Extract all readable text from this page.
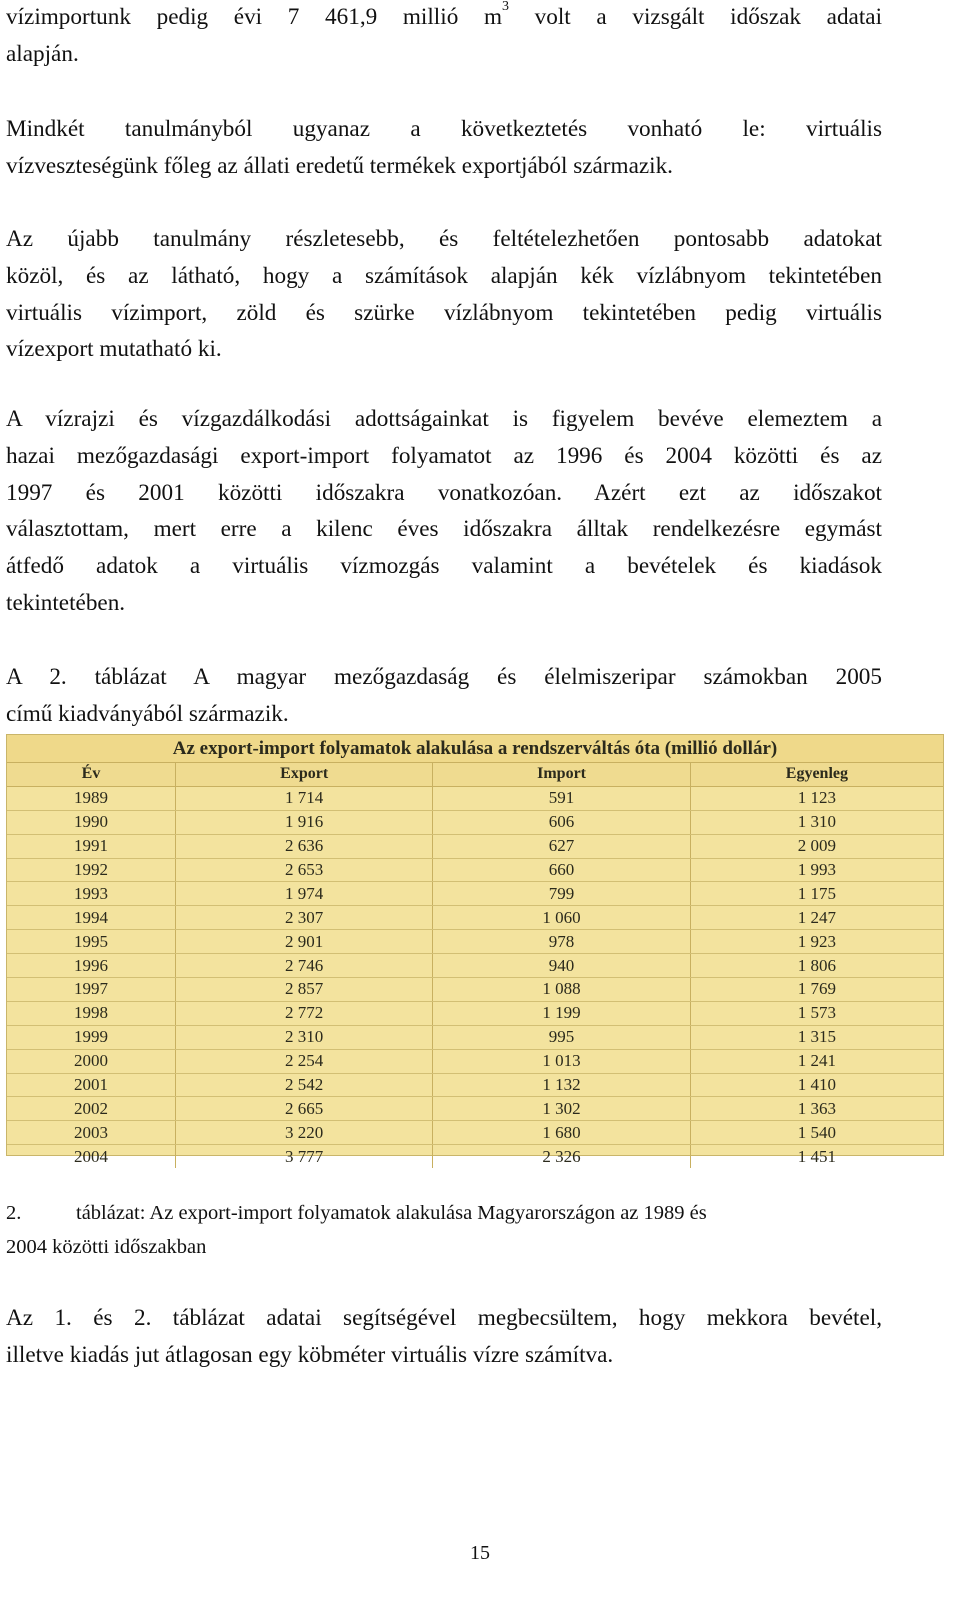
vízimportunk pedig évi 7 461,9 millió $m^3$ volt a vizsgált időszak adatai
alapján.
Mindkét tanulmányból ugyanaz a következtetés vonható le: virtuális
vízveszteségünk főleg az állati eredetű termékek exportjából származik.
Az újabb tanulmány részletesebb, és feltételezhetően pontosabb adatokat
közöl, és az látható, hogy a számítások alapján kék vízlábnyom tekintetében
virtuális vízimport, zöld és szürke vízlábnyom tekintetében pedig virtuális
vízexport mutatható ki.
A vízrajzi és vízgazdálkodási adottságainkat is figyelem bevéve elemeztem a
hazai mezőgazdasági export-import folyamatot az 1996 és 2004 közötti és az
1997 és 2001 közötti időszakra vonatkozóan. Azért ezt az időszakot
választottam, mert erre a kilenc éves időszakra álltak rendelkezésre egymást
átfedő adatok a virtuális vízmozgás valamint a bevételek és kiadások
tekintetében.
A 2. táblázat A magyar mezőgazdaság és élelmiszeripar számokban 2005
című kiadványából származik.
Az export-import folyamatok alakulása a rendszerváltás óta (millió dollár)
Év	Export	Import	Egyenleg
1989	1 714	591	1 123
1990	1 916	606	1 310
1991	2 636	627	2 009
1992	2 653	660	1 993
1993	1 974	799	1 175
1994	2 307	1 060	1 247
1995	2 901	978	1 923
1996	2 746	940	1 806
1997	2 857	1 088	1 769
1998	2 772	1 199	1 573
1999	2 310	995	1 315
2000	2 254	1 013	1 241
2001	2 542	1 132	1 410
2002	2 665	1 302	1 363
2003	3 220	1 680	1 540
2004	3 777	2 326	1 451
2.	táblázat: Az export-import folyamatok alakulása Magyarországon az 1989 és
2004 közötti időszakban
Az 1. és 2. táblázat adatai segítségével megbecsültem, hogy mekkora bevétel,
illetve kiadás jut átlagosan egy köbméter virtuális vízre számítva.
15
